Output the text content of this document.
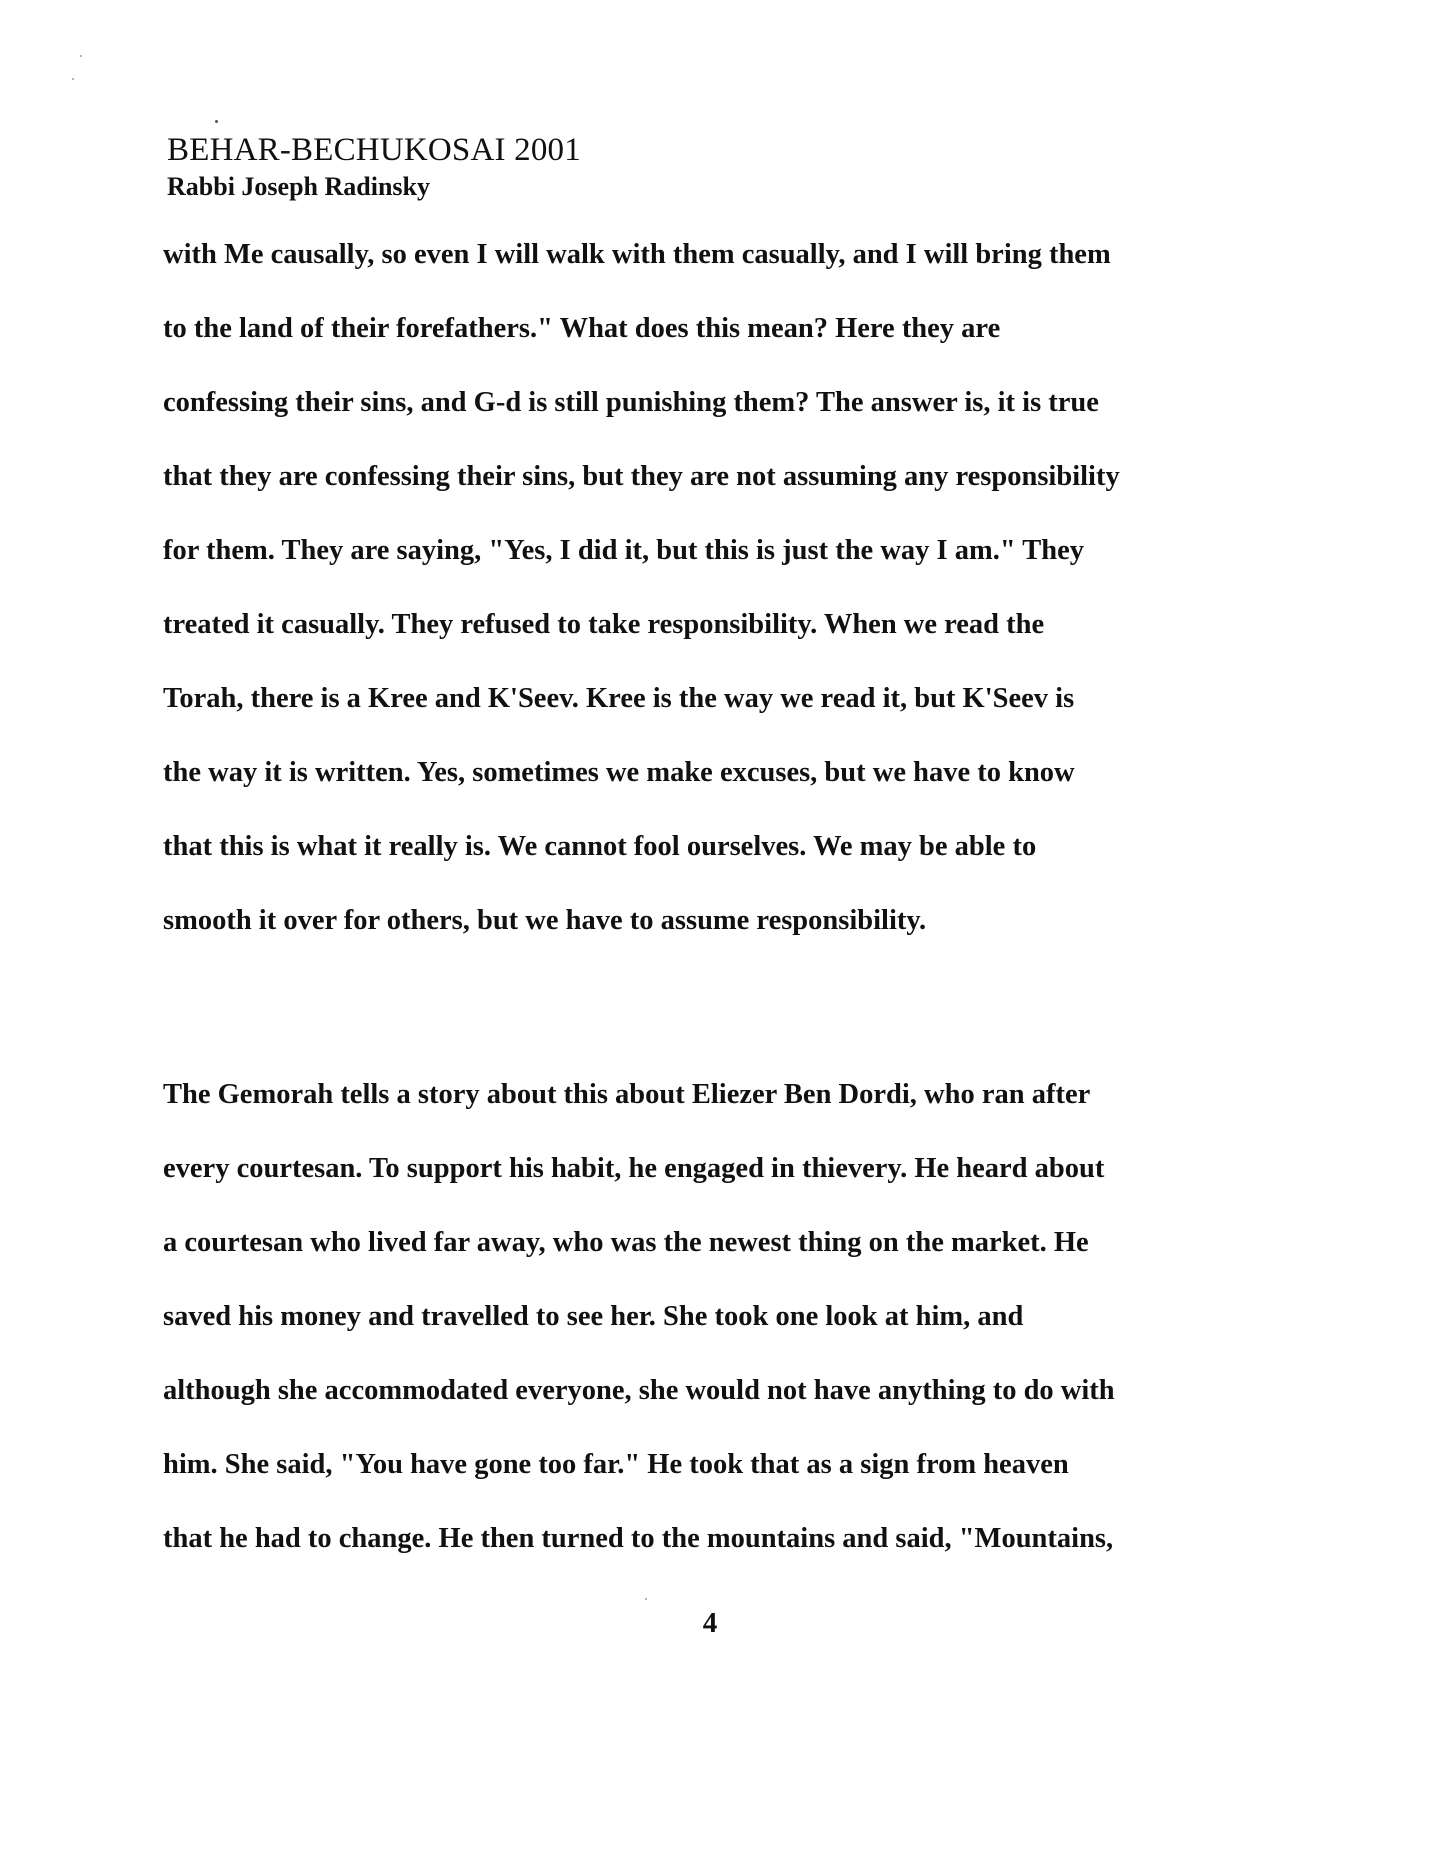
BEHAR-BECHUKOSAI 2001
Rabbi Joseph Radinsky
with Me causally, so even I will walk with them casually, and I will bring them
to the land of their forefathers." What does this mean? Here they are
confessing their sins, and G-d is still punishing them? The answer is, it is true
that they are confessing their sins, but they are not assuming any responsibility
for them. They are saying, "Yes, I did it, but this is just the way I am." They
treated it casually. They refused to take responsibility. When we read the
Torah, there is a Kree and K'Seev. Kree is the way we read it, but K'Seev is
the way it is written. Yes, sometimes we make excuses, but we have to know
that this is what it really is. We cannot fool ourselves. We may be able to
smooth it over for others, but we have to assume responsibility.
The Gemorah tells a story about this about Eliezer Ben Dordi, who ran after
every courtesan. To support his habit, he engaged in thievery. He heard about
a courtesan who lived far away, who was the newest thing on the market. He
saved his money and travelled to see her. She took one look at him, and
although she accommodated everyone, she would not have anything to do with
him. She said, "You have gone too far." He took that as a sign from heaven
that he had to change. He then turned to the mountains and said, "Mountains,
4
